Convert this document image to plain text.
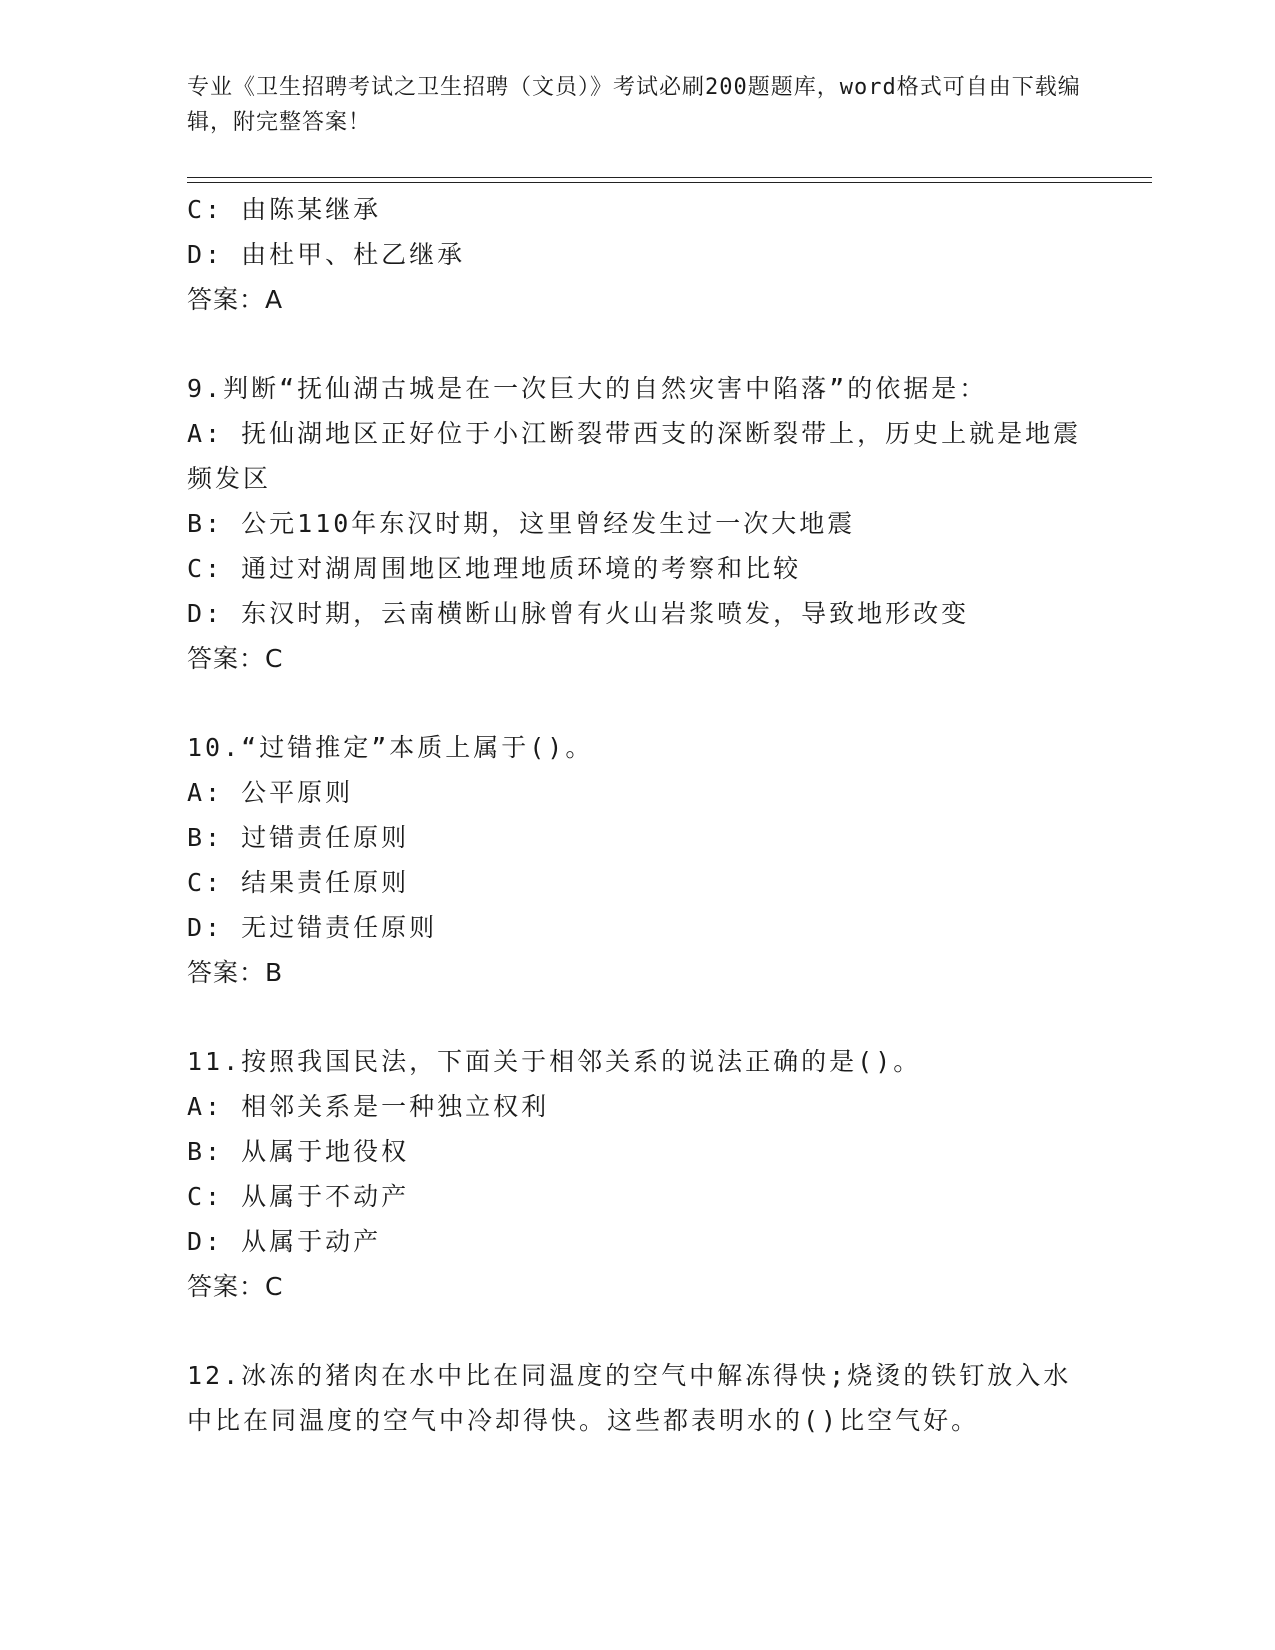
专业《卫生招聘考试之卫生招聘（文员）》考试必刷200题题库，word格式可自由下载编辑，附完整答案！
C: 由陈某继承
D: 由杜甲、杜乙继承
答案：A
9.判断“抚仙湖古城是在一次巨大的自然灾害中陷落”的依据是：
A: 抚仙湖地区正好位于小江断裂带西支的深断裂带上，历史上就是地震频发区
B: 公元110年东汉时期，这里曾经发生过一次大地震
C: 通过对湖周围地区地理地质环境的考察和比较
D: 东汉时期，云南横断山脉曾有火山岩浆喷发，导致地形改变
答案：C
10.“过错推定”本质上属于()。
A: 公平原则
B: 过错责任原则
C: 结果责任原则
D: 无过错责任原则
答案：B
11.按照我国民法，下面关于相邻关系的说法正确的是()。
A: 相邻关系是一种独立权利
B: 从属于地役权
C: 从属于不动产
D: 从属于动产
答案：C
12.冰冻的猪肉在水中比在同温度的空气中解冻得快;烧烫的铁钉放入水中比在同温度的空气中冷却得快。这些都表明水的()比空气好。
